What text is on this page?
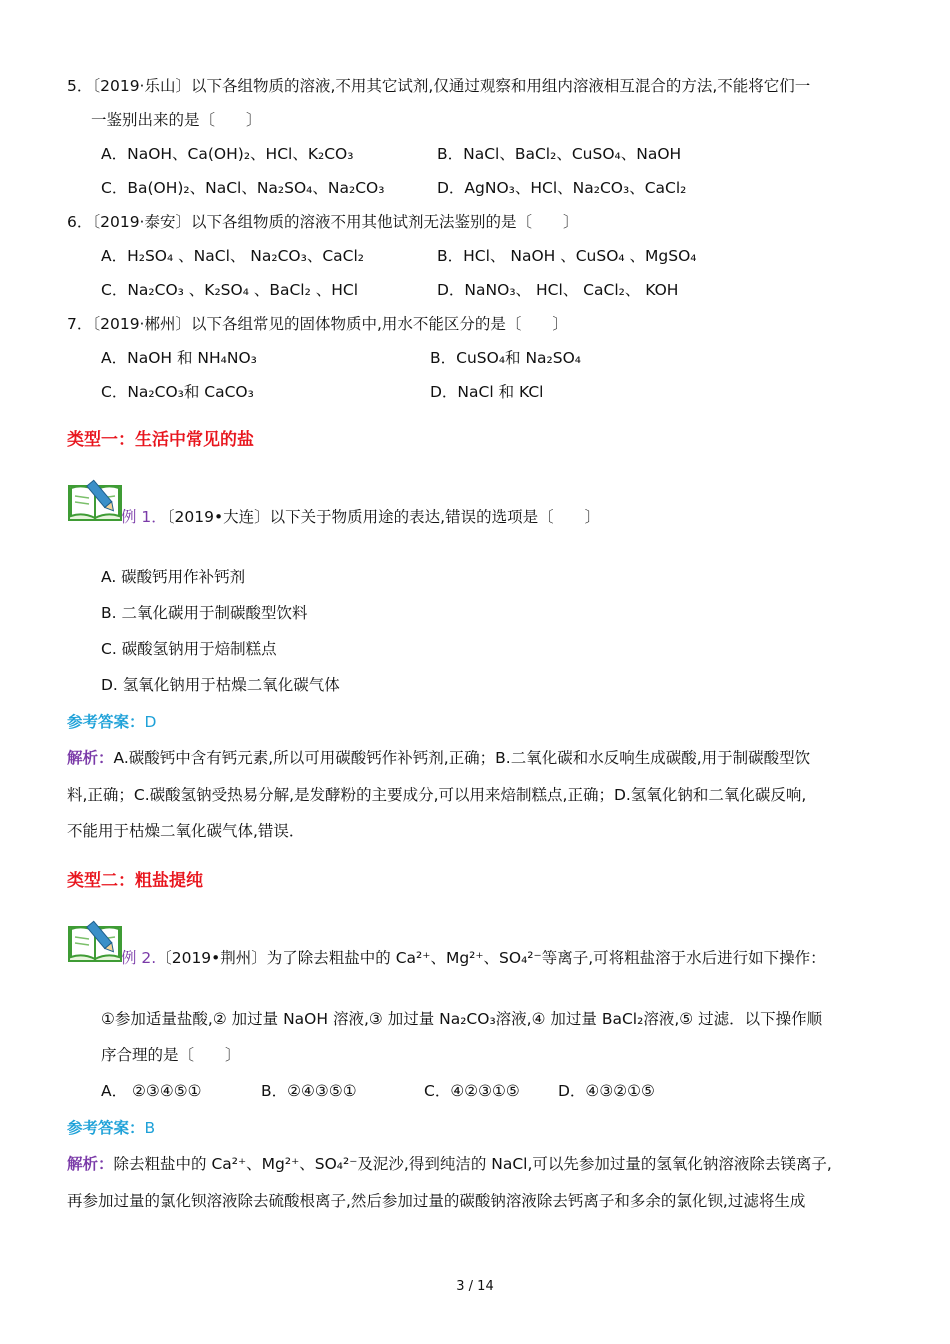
5．〔2019·乐山〕以下各组物质的溶液,不用其它试剂,仅通过观察和用组内溶液相互混合的方法,不能将它们一
一鉴别出来的是〔　　〕
A．NaOH、Ca(OH)₂、HCl、K₂CO₃	B．NaCl、BaCl₂、CuSO₄、NaOH
C．Ba(OH)₂、NaCl、Na₂SO₄、Na₂CO₃	D．AgNO₃、HCl、Na₂CO₃、CaCl₂
6．〔2019·泰安〕以下各组物质的溶液不用其他试剂无法鉴别的是〔　　〕
A．H₂SO₄ 、NaCl、 Na₂CO₃、CaCl₂	B．HCl、 NaOH 、CuSO₄ 、MgSO₄
C．Na₂CO₃ 、K₂SO₄ 、BaCl₂ 、HCl	D．NaNO₃、 HCl、 CaCl₂、 KOH
7．〔2019·郴州〕以下各组常见的固体物质中,用水不能区分的是〔　　〕
A．NaOH 和 NH₄NO₃	B．CuSO₄和 Na₂SO₄
C．Na₂CO₃和 CaCO₃	D．NaCl 和 KCl
类型一：生活中常见的盐
例 1．〔2019•大连〕以下关于物质用途的表达,错误的选项是〔　　〕
A. 碳酸钙用作补钙剂
B. 二氧化碳用于制碳酸型饮料
C. 碳酸氢钠用于焙制糕点
D. 氢氧化钠用于枯燥二氧化碳气体
参考答案：D
解析：A.碳酸钙中含有钙元素,所以可用碳酸钙作补钙剂,正确；B.二氧化碳和水反响生成碳酸,用于制碳酸型饮
料,正确；C.碳酸氢钠受热易分解,是发酵粉的主要成分,可以用来焙制糕点,正确；D.氢氧化钠和二氧化碳反响,
不能用于枯燥二氧化碳气体,错误．
类型二：粗盐提纯
例 2.〔2019•荆州〕为了除去粗盐中的 Ca²⁺、Mg²⁺、SO₄²⁻等离子,可将粗盐溶于水后进行如下操作：
①参加适量盐酸,② 加过量 NaOH 溶液,③ 加过量 Na₂CO₃溶液,④ 加过量 BaCl₂溶液,⑤ 过滤．以下操作顺
序合理的是〔　　〕
A． ②③④⑤①	B．②④③⑤①	C．④②③①⑤ D．④③②①⑤
参考答案：B
解析：除去粗盐中的 Ca²⁺、Mg²⁺、SO₄²⁻及泥沙,得到纯洁的 NaCl,可以先参加过量的氢氧化钠溶液除去镁离子,
再参加过量的氯化钡溶液除去硫酸根离子,然后参加过量的碳酸钠溶液除去钙离子和多余的氯化钡,过滤将生成
3 / 14
